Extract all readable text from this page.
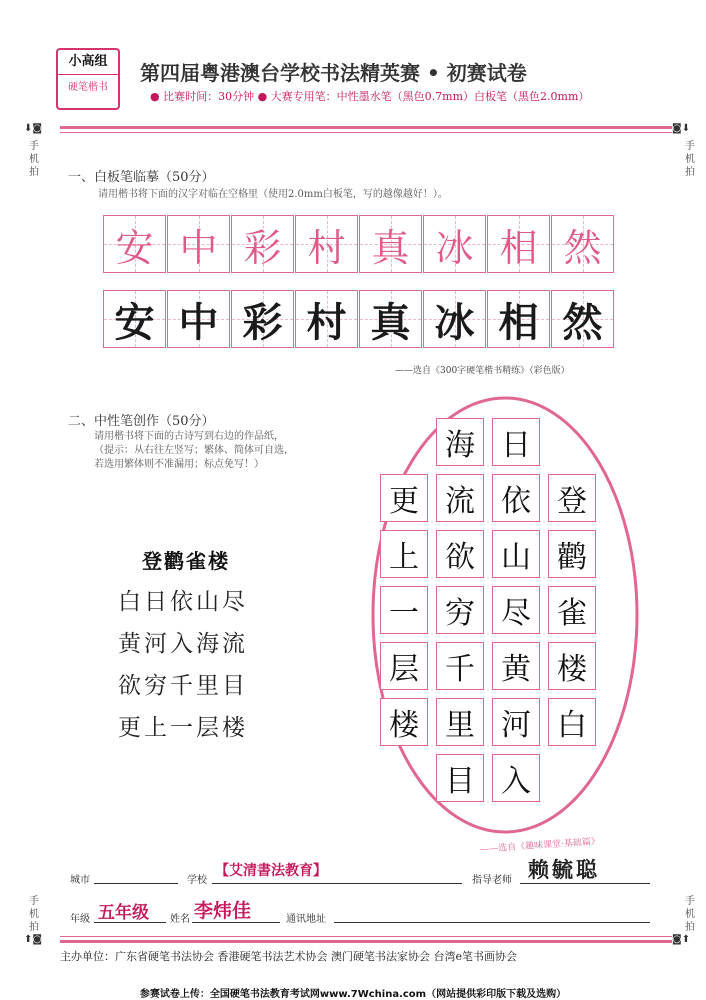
小高组
硬笔楷书
第四届粤港澳台学校书法精英赛 • 初赛试卷
● 比赛时间：30分钟 ● 大赛专用笔：中性墨水笔（黑色0.7mm）白板笔（黑色2.0mm）
⬇◙
手机拍
◙⬇
手机拍
手机拍
⬆◙
手机拍
◙⬆
一、白板笔临摹（50分）
请用楷书将下面的汉字对临在空格里（使用2.0mm白板笔，写的越像越好！）。
安 中 彩 村 真 冰 相 然
安 中 彩 村 真 冰 相 然
——选自《300字硬笔楷书精练》（彩色版）
二、中性笔创作（50分）
请用楷书将下面的古诗写到右边的作品纸，
（提示：从右往左竖写；繁体、简体可自选，
若选用繁体则不准漏用；标点免写！）
登鹳雀楼
白日依山尽
黄河入海流
欲穷千里目
更上一层楼
登
鹳
雀
楼
白
日
依
山
尽
黄
河
入
海
流
欲
穷
千
里
目
更
上
一
层
楼
——选自《趣味课堂·基础篇》
城市	学校
【艾清書法教育】
指导老师 赖毓聪
年级 五年级 姓名 李炜佳	通讯地址
主办单位：广东省硬笔书法协会 香港硬笔书法艺术协会 澳门硬笔书法家协会 台湾e笔书画协会
参赛试卷上传：全国硬笔书法教育考试网www.7Wchina.com（网站提供彩印版下载及选购）
